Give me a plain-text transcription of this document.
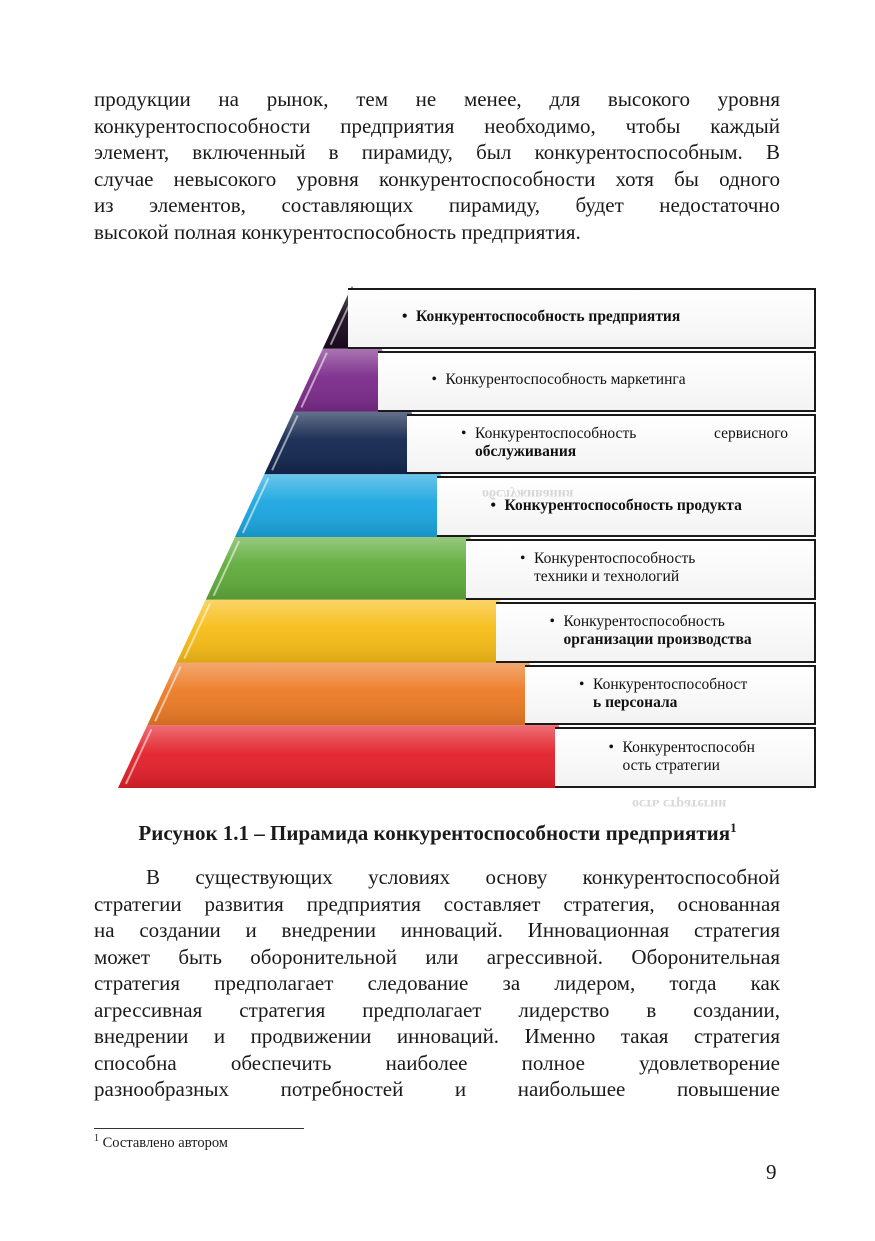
продукции на рынок, тем не менее, для высокого уровня
конкурентоспособности предприятия необходимо, чтобы каждый
элемент, включенный в пирамиду, был конкурентоспособным. В
случае невысокого уровня конкурентоспособности хотя бы одного
из элементов, составляющих пирамиду, будет недостаточно
высокой полная конкурентоспособность предприятия.

• Конкурентоспособность предприятия
• Конкурентоспособность маркетинга
• Конкурентоспособность сервисного
обслуживания
• Конкурентоспособность продукта
• Конкурентоспособность
техники и технологий
• Конкурентоспособность
организации производства
• Конкурентоспособност
ь персонала
• Конкурентоспособн
ость стратегии
обслуживания
ость стратегии
Рисунок 1.1 – Пирамида конкурентоспособности предприятия$^1$

В существующих условиях основу конкурентоспособной
стратегии развития предприятия составляет стратегия, основанная
на создании и внедрении инноваций. Инновационная стратегия
может быть оборонительной или агрессивной. Оборонительная
стратегия предполагает следование за лидером, тогда как
агрессивная стратегия предполагает лидерство в создании,
внедрении и продвижении инноваций. Именно такая стратегия
способна обеспечить наиболее полное удовлетворение
разнообразных потребностей и наибольшее повышение

$^1$ Составлено автором
9
